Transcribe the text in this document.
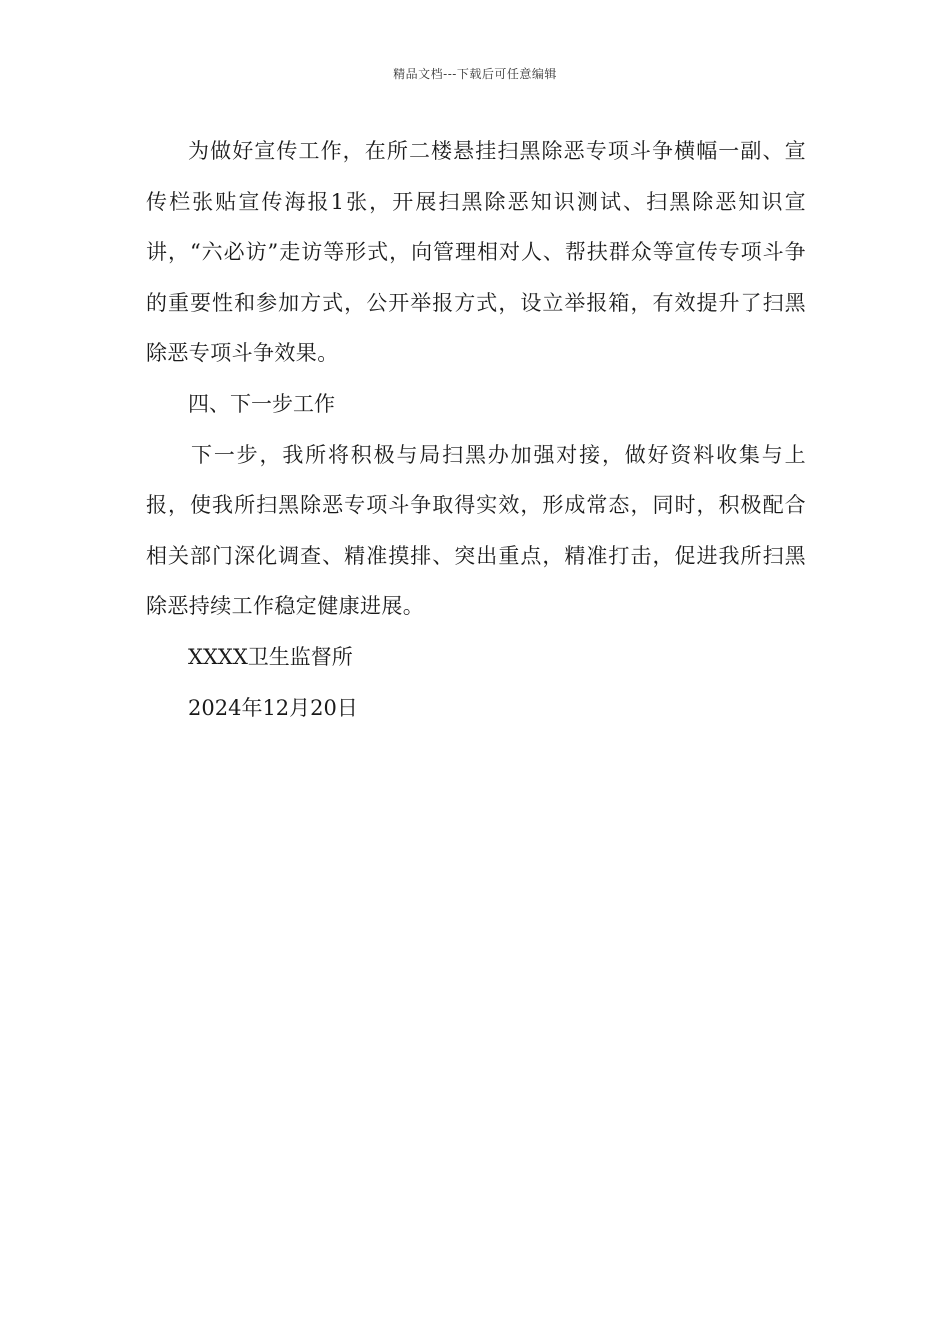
精品文档---下载后可任意编辑

为做好宣传工作，在所二楼悬挂扫黑除恶专项斗争横幅一副、宣传栏张贴宣传海报1张，开展扫黑除恶知识测试、扫黑除恶知识宣讲，“六必访”走访等形式，向管理相对人、帮扶群众等宣传专项斗争的重要性和参加方式，公开举报方式，设立举报箱，有效提升了扫黑除恶专项斗争效果。

四、下一步工作

下一步，我所将积极与局扫黑办加强对接，做好资料收集与上报，使我所扫黑除恶专项斗争取得实效，形成常态，同时，积极配合相关部门深化调查、精准摸排、突出重点，精准打击，促进我所扫黑除恶持续工作稳定健康进展。

XXXX卫生监督所

2024年12月20日
